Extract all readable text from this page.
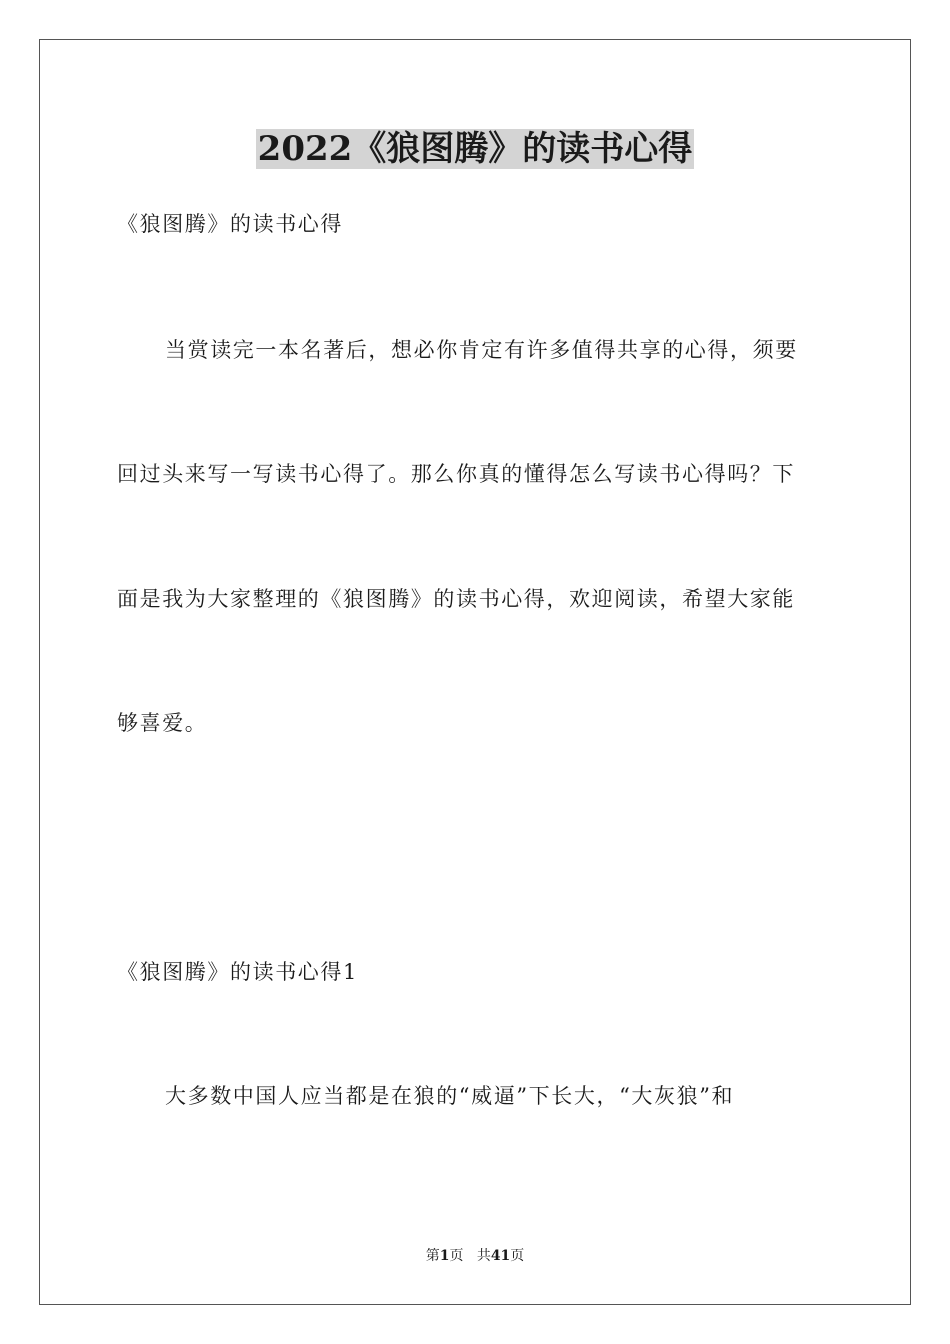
2022《狼图腾》的读书心得
《狼图腾》的读书心得
当赏读完一本名著后，想必你肯定有许多值得共享的心得，须要
回过头来写一写读书心得了。那么你真的懂得怎么写读书心得吗？下
面是我为大家整理的《狼图腾》的读书心得，欢迎阅读，希望大家能
够喜爱。
《狼图腾》的读书心得1
大多数中国人应当都是在狼的“威逼”下长大，“大灰狼”和
第1页 共41页
